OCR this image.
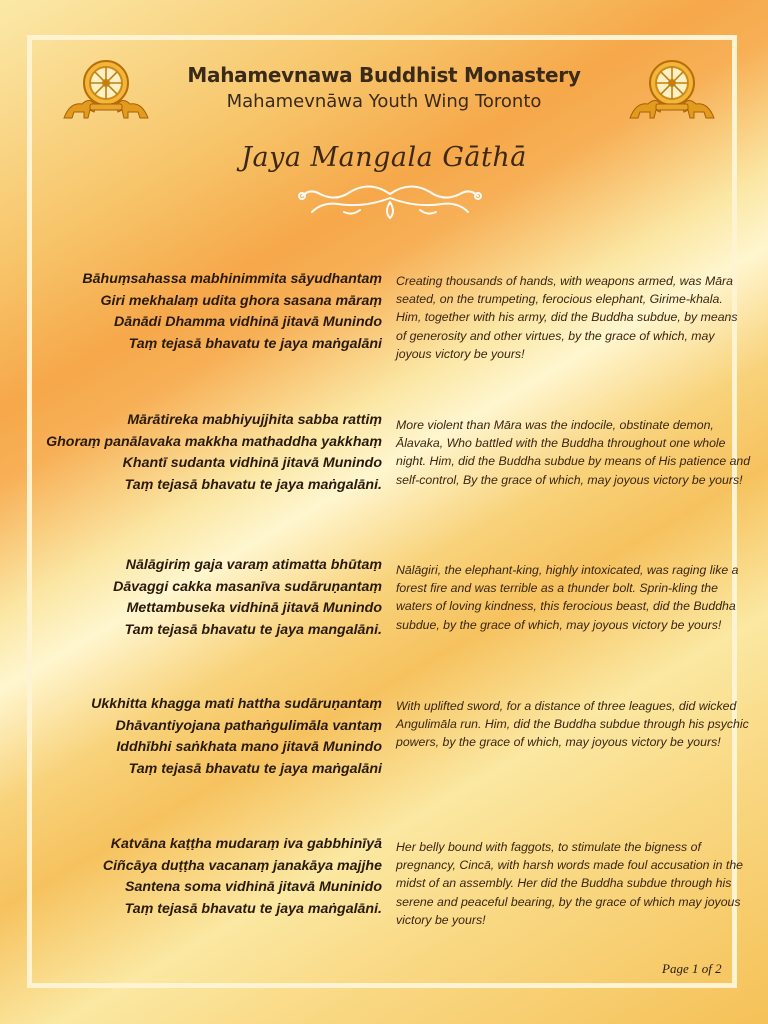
Mahamevnawa Buddhist Monastery
Mahamevnāwa Youth Wing Toronto
Jaya Mangala Gāthā
Bāhuṃsahassa mabhinimmita sāyudhantaṃ
Giri mekhalaṃ udita ghora sasana māraṃ
Dānādi Dhamma vidhinā jitavā Munindo
Taṃ tejasā bhavatu te jaya maṅgalāni
Creating thousands of hands, with weapons armed, was Māra seated, on the trumpeting, ferocious elephant, Girime-khala. Him, together with his army, did the Buddha subdue, by means of generosity and other virtues, by the grace of which, may joyous victory be yours!
Mārātireka mabhiyujjhita sabba rattiṃ
Ghoraṃ panālavaka makkha mathaddha yakkhaṃ
Khantī sudanta vidhinā jitavā Munindo
Taṃ tejasā bhavatu te jaya maṅgalāni.
More violent than Māra was the indocile, obstinate demon, Ālavaka, Who battled with the Buddha throughout one whole night. Him, did the Buddha subdue by means of His patience and self-control, By the grace of which, may joyous victory be yours!
Nālāgiriṃ gaja varaṃ atimatta bhūtaṃ
Dāvaggi cakka masanīva sudāruṇantaṃ
Mettambuseka vidhinā jitavā Munindo
Tam tejasā bhavatu te jaya mangalāni.
Nālāgiri, the elephant-king, highly intoxicated, was raging like a forest fire and was terrible as a thunder bolt. Sprin-kling the waters of loving kindness, this ferocious beast, did the Buddha subdue, by the grace of which, may joyous victory be yours!
Ukkhitta khagga mati hattha sudāruṇantaṃ
Dhāvantiyojana pathaṅgulimāla vantaṃ
Iddhībhi saṅkhata mano jitavā Munindo
Taṃ tejasā bhavatu te jaya maṅgalāni
With uplifted sword, for a distance of three leagues, did wicked Angulimāla run. Him, did the Buddha subdue through his psychic powers, by the grace of which, may joyous victory be yours!
Katvāna kaṭṭha mudaraṃ iva gabbhinīyā
Ciñcāya duṭṭha vacanaṃ janakāya majjhe
Santena soma vidhinā jitavā Muninido
Taṃ tejasā bhavatu te jaya maṅgalāni.
Her belly bound with faggots, to stimulate the bigness of pregnancy, Cincā, with harsh words made foul accusation in the midst of an assembly. Her did the Buddha subdue through his serene and peaceful bearing, by the grace of which may joyous victory be yours!
Page 1 of 2
